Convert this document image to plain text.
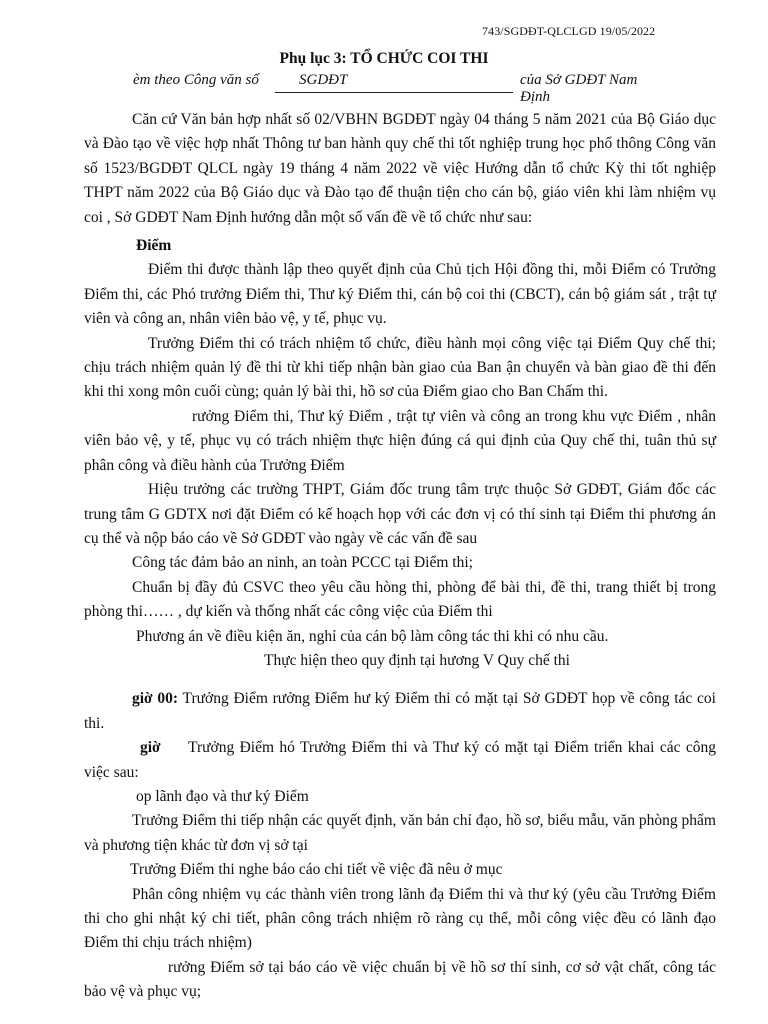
743/SGDĐT-QLCLGD 19/05/2022
Phụ lục 3: TỔ CHỨC COI THI
èm theo Công văn số	SGDĐT	của Sở GDĐT Nam Định

Căn cứ Văn bản hợp nhất số 02/VBHN BGDĐT ngày 04 tháng 5 năm 2021 của Bộ Giáo dục và Đào tạo về việc hợp nhất Thông tư ban hành quy chế thi tốt nghiệp trung học phổ thông Công văn số 1523/BGDĐT QLCL ngày 19 tháng 4 năm 2022 về việc Hướng dẫn tổ chức Kỳ thi tốt nghiệp THPT năm 2022 của Bộ Giáo dục và Đào tạo để thuận tiện cho cán bộ, giáo viên khi làm nhiệm vụ coi , Sở GDĐT Nam Định hướng dẫn một số vấn đề về tổ chức như sau:

Điểm

Điểm thi được thành lập theo quyết định của Chủ tịch Hội đồng thi, mỗi Điểm có Trưởng Điểm thi, các Phó trưởng Điểm thi, Thư ký Điểm thi, cán bộ coi thi (CBCT), cán bộ giám sát , trật tự viên và công an, nhân viên bảo vệ, y tế, phục vụ.

Trưởng Điểm thi có trách nhiệm tổ chức, điều hành mọi công việc tại Điểm Quy chế thi; chịu trách nhiệm quản lý đề thi từ khi tiếp nhận bàn giao của Ban ận chuyển và bàn giao đề thi đến khi thi xong môn cuối cùng; quản lý bài thi, hồ sơ của Điểm giao cho Ban Chấm thi.

rưởng Điểm thi, Thư ký Điểm , trật tự viên và công an trong khu vực Điểm , nhân viên bảo vệ, y tế, phục vụ có trách nhiệm thực hiện đúng cá qui định của Quy chế thi, tuân thủ sự phân công và điều hành của Trưởng Điểm

Hiệu trưởng các trường THPT, Giám đốc trung tâm trực thuộc Sở GDĐT, Giám đốc các trung tâm G GDTX nơi đặt Điểm có kế hoạch họp với các đơn vị có thí sinh tại Điểm thi phương án cụ thể và nộp báo cáo về Sở GDĐT vào ngày về các vấn đề sau

Công tác đảm bảo an ninh, an toàn PCCC tại Điểm thi;

Chuẩn bị đầy đủ CSVC theo yêu cầu hòng thi, phòng để bài thi, đề thi, trang thiết bị trong phòng thi…… , dự kiến và thống nhất các công việc của Điểm thi

Phương án về điều kiện ăn, nghỉ của cán bộ làm công tác thi khi có nhu cầu.

Thực hiện theo quy định tại hương V Quy chế thi

giờ 00: Trưởng Điểm rưởng Điểm hư ký Điểm thi có mặt tại Sở GDĐT họp về công tác coi thi.

giờ Trưởng Điểm hó Trưởng Điểm thi và Thư ký có mặt tại Điểm triển khai các công việc sau:

op lãnh đạo và thư ký Điểm

Trưởng Điểm thi tiếp nhận các quyết định, văn bản chỉ đạo, hồ sơ, biểu mẫu, văn phòng phẩm và phương tiện khác từ đơn vị sở tại

Trưởng Điểm thi nghe báo cáo chi tiết về việc đã nêu ở mục

Phân công nhiệm vụ các thành viên trong lãnh đạ Điểm thi và thư ký (yêu cầu Trưởng Điểm thi cho ghi nhật ký chi tiết, phân công trách nhiệm rõ ràng cụ thể, mỗi công việc đều có lãnh đạo Điểm thi chịu trách nhiệm)

rưởng Điểm sở tại báo cáo về việc chuẩn bị về hồ sơ thí sinh, cơ sở vật chất, công tác bảo vệ và phục vụ;
